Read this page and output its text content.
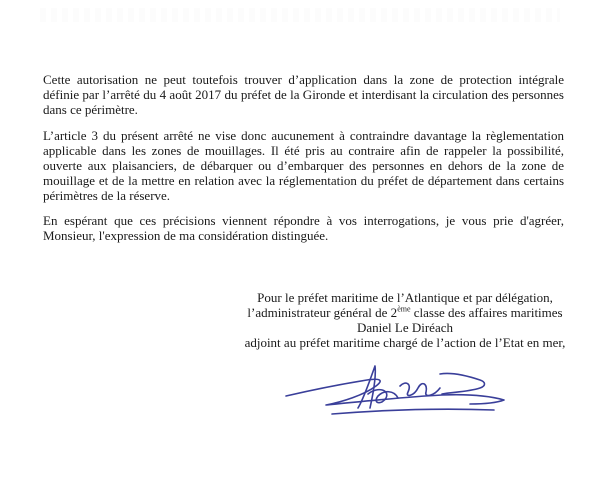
Cette autorisation ne peut toutefois trouver d’application dans la zone de protection intégrale définie par l’arrêté du 4 août 2017 du préfet de la Gironde et interdisant la circulation des personnes dans ce périmètre.

L’article 3 du présent arrêté ne vise donc aucunement à contraindre davantage la règlementation applicable dans les zones de mouillages. Il été pris au contraire afin de rappeler la possibilité, ouverte aux plaisanciers, de débarquer ou d’embarquer des personnes en dehors de la zone de mouillage et de la mettre en relation avec la réglementation du préfet de département dans certains périmètres de la réserve.

En espérant que ces précisions viennent répondre à vos interrogations, je vous prie d'agréer, Monsieur, l'expression de ma considération distinguée.

Pour le préfet maritime de l’Atlantique et par délégation,
l’administrateur général de 2ème classe des affaires maritimes
Daniel Le Diréach
adjoint au préfet maritime chargé de l’action de l’Etat en mer,
